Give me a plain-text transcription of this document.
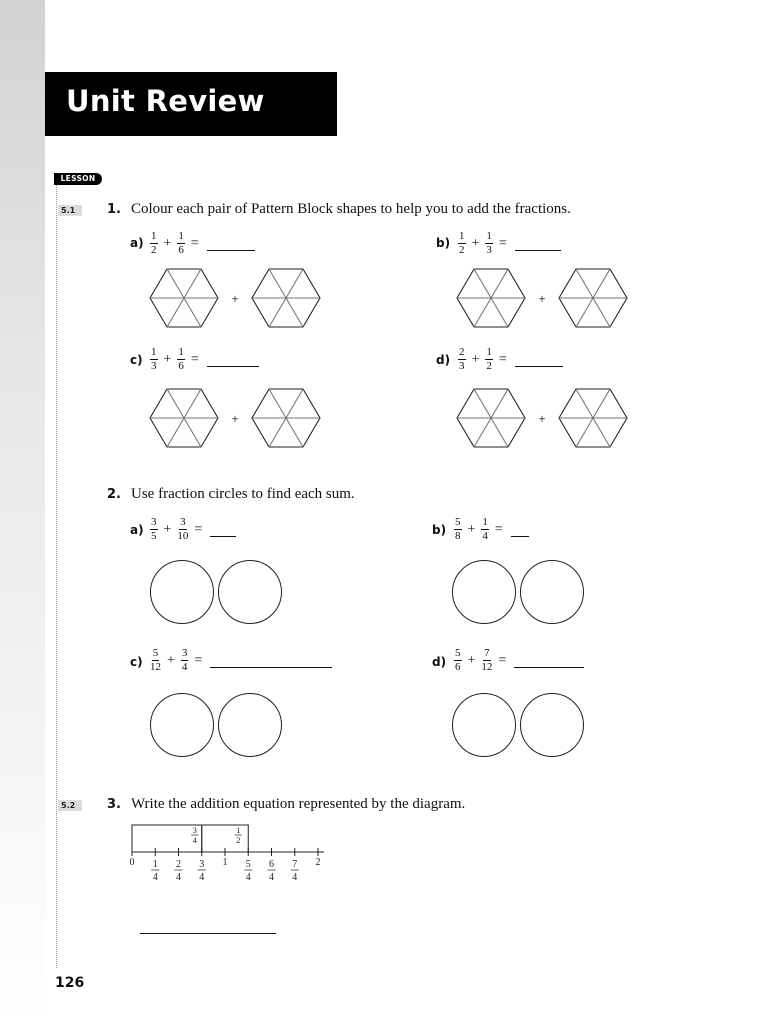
Unit Review
LESSON
5.1
5.2
1. Colour each pair of Pattern Block shapes to help you to add the fractions.
$a) \frac{1}{2} + \frac{1}{6}$ =	$b) \frac{1}{2} + \frac{1}{3}$ =
+	+
$c) \frac{1}{3} + \frac{1}{6}$ =	$d) \frac{2}{3} + \frac{1}{2}$ =
+	+
2. Use fraction circles to find each sum.
$a) \frac{3}{5} + \frac{3}{10}$ =	$b) \frac{5}{8} + \frac{1}{4}$ =
$c) \frac{5}{12} + \frac{3}{4}$ =	$d) \frac{5}{6} + \frac{7}{12}$ =
3. Write the addition equation represented by the diagram.
3
4
1
2
0 1
4
2
4
3
4
1 5
4
6
4
7
4
2
126
